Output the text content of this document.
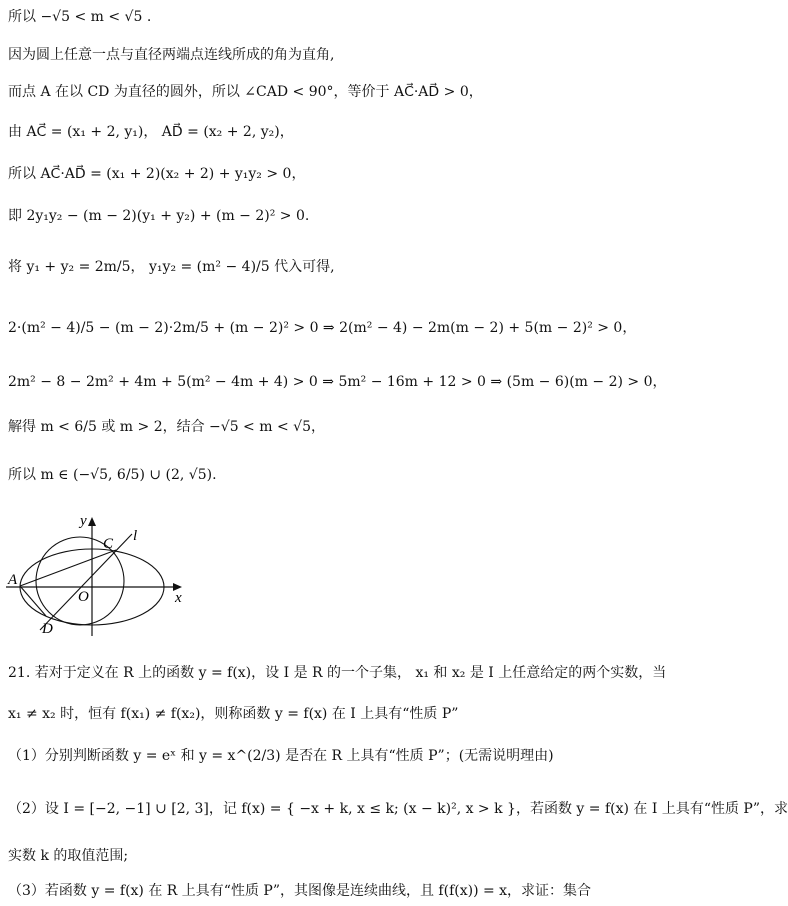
所以 −√5 < m < √5 .
因为圆上任意一点与直径两端点连线所成的角为直角,
而点 A 在以 CD 为直径的圆外，所以 ∠CAD < 90°，等价于 AC⃗·AD⃗ > 0，
由 AC⃗ = (x₁ + 2, y₁)， AD⃗ = (x₂ + 2, y₂)，
所以 AC⃗·AD⃗ = (x₁ + 2)(x₂ + 2) + y₁y₂ > 0，
即 2y₁y₂ − (m − 2)(y₁ + y₂) + (m − 2)² > 0.
将 y₁ + y₂ = 2m/5， y₁y₂ = (m² − 4)/5 代入可得,
2·(m² − 4)/5 − (m − 2)·2m/5 + (m − 2)² > 0 ⇒ 2(m² − 4) − 2m(m − 2) + 5(m − 2)² > 0，
2m² − 8 − 2m² + 4m + 5(m² − 4m + 4) > 0 ⇒ 5m² − 16m + 12 > 0 ⇒ (5m − 6)(m − 2) > 0，
解得 m < 6/5 或 m > 2，结合 −√5 < m < √5，
所以 m ∈ (−√5, 6/5) ∪ (2, √5).
y
l
C
A
O	x
D
21. 若对于定义在 R 上的函数 y = f(x)，设 I 是 R 的一个子集， x₁ 和 x₂ 是 I 上任意给定的两个实数，当
x₁ ≠ x₂ 时，恒有 f(x₁) ≠ f(x₂)，则称函数 y = f(x) 在 I 上具有“性质 P”
（1）分别判断函数 y = eˣ 和 y = x^(2/3) 是否在 R 上具有“性质 P”；(无需说明理由)
（2）设 I = [−2, −1] ∪ [2, 3]，记 f(x) = { −x + k, x ≤ k; (x − k)², x > k }，若函数 y = f(x) 在 I 上具有“性质 P”，求
实数 k 的取值范围;
（3）若函数 y = f(x) 在 R 上具有“性质 P”，其图像是连续曲线，且 f(f(x)) = x，求证：集合
